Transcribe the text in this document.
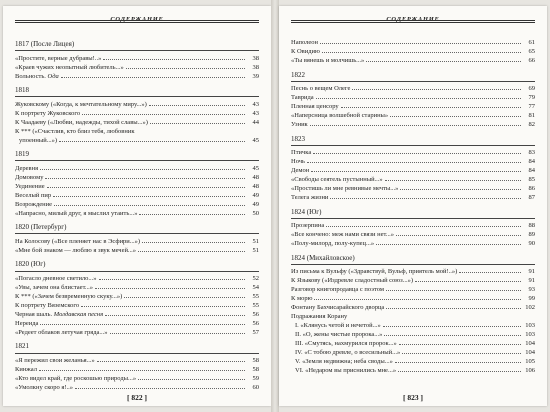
СОДЕРЖАНИЕ
1817 (После Лицея)
«Простите, верные дубравы!..»	38
«Краев чужих неопытный любитель...»	38
Вольность. Ода	39
1818
Жуковскому («Когда, к мечтательному миру...»)	43
К портрету Жуковского	43
К Чаадаеву («Любви, надежды, тихой славы...»)	44
К *** («Счастлив, кто близ тебя, любовник
упоенный...»)	45
1819
Деревня	45
Домовому	48
Уединение	48
Веселый пир	49
Возрождение	49
«Напрасно, милый друг, я мыслил утаить...»	50
1820 (Петербург)
На Колосову («Все пленяет нас в Эсфири...»)	51
«Мне бой знаком — люблю я звук мечей...»	51
1820 (Юг)
«Погасло дневное светило...»	52
«Увы, зачем она блистает...»	54
К *** («Зачем безвременную скуку...»)	55
К портрету Вяземского	55
Черная шаль. Молдавская песня	56
Нереида	56
«Редеет облаков летучая гряда...»	57
1821
«Я пережил свои желанья...»	58
Кинжал	58
«Кто видел край, где роскошью природы...»	59
«Умолкну скоро я!..»	60
[ 822 ]
СОДЕРЖАНИЕ
Наполеон	61
К Овидию	65
«Ты вянешь и молчишь...»	66
1822
Песнь о вещем Олеге	69
Таврида	79
Пленная ценсору	77
«Наперсница волшебной старины»	81
Узник	82
1823
Птичка	83
Ночь	84
Демон	84
«Свободы сеятель пустынный...»	85
«Простишь ли мне ревнивые мечты...»	86
Телега жизни	87
1824 (Юг)
Прозерпина	88
«Все кончено: меж нами связи нет...»	89
«Полу-милорд, полу-купец...»	90
1824 (Михайловское)
Из письма к Вульфу («Здравствуй, Вульф, приятель мой!..»)	91
К Языкову («Издревле сладостный союз...»)	91
Разговор книгопродавца с поэтом	93
К морю	99
Фонтану Бахчисарайского дворца	102
Подражания Корану
I. «Клянусь четой и нечетой...»	103
II. «О, жены чистые пророка...»	103
III. «Смутясь, нахмурился пророк...»	104
IV. «С тобою древле, о всесильный...»	104
V. «Земля недвижна; неба своды...»	105
VI. «Недаром вы приснились мне...»	106
[ 823 ]
